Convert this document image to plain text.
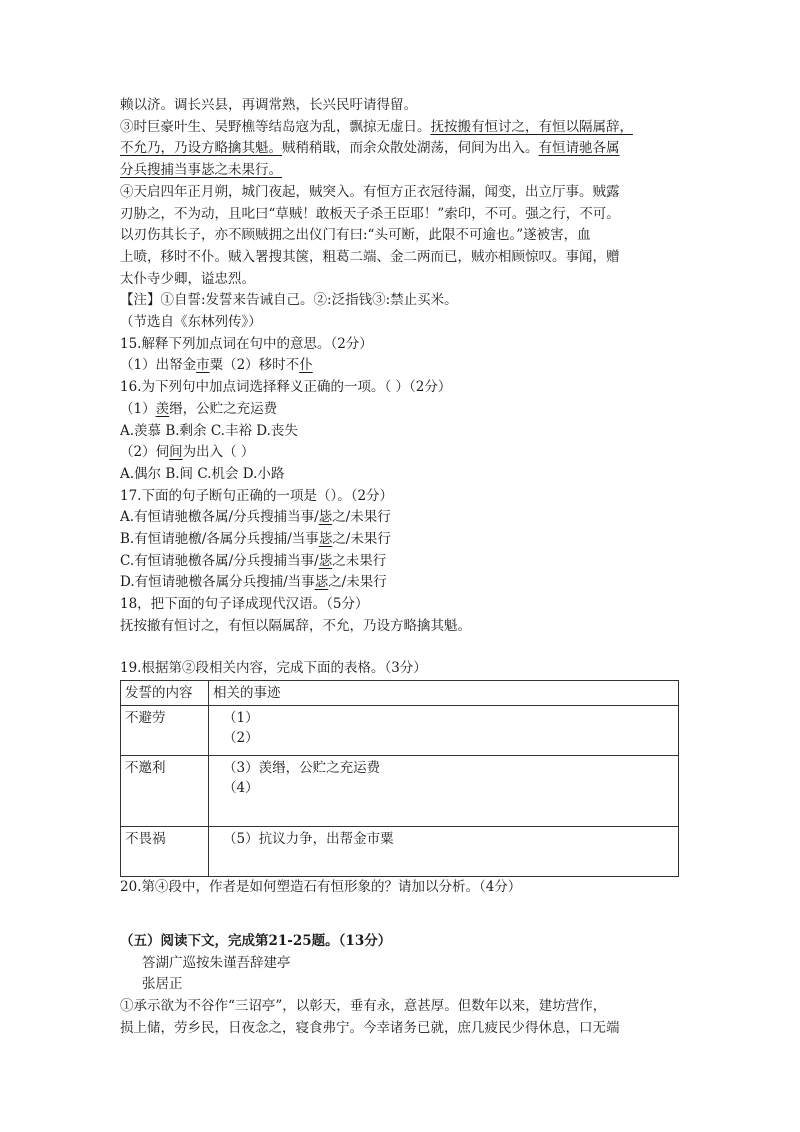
赖以济。调长兴县，再调常熟，长兴民吁请得留。
③时巨豪叶生、吴野樵等结岛寇为乱，飘掠无虚日。抚按搬有恒讨之，有恒以隔属辞，
不允乃，乃设方略擒其魁。贼稍稍戢，而余众散处湖荡，伺间为出入。有恒请驰各属
分兵搜捕当事毖之未果行。
④天启四年正月朔，城门夜起，贼突入。有恒方正衣冠待漏，闻变，出立厅事。贼露
刃胁之，不为动，且叱曰“草贼！敢板天子杀王臣耶！”索印，不可。强之行，不可。
以刃伤其长子，亦不顾贼拥之出仪门有曰:“头可断，此限不可逾也。”遂被害，血
上喷，移时不仆。贼入署搜其箧，粗葛二端、金二两而已，贼亦相顾惊叹。事闻，赠
太仆寺少卿，谥忠烈。
【注】①自誓:发誓来告诫自己。②:泛指钱③:禁止买米。
（节选自《东林列传》）
15.解释下列加点词在句中的意思。（2分）
（1）出帑金市粟（2）移时不仆
16.为下列句中加点词选择释义正确的一项。（ ）（2分）
（1）羡缗，公贮之充运费
A.羡慕 B.剩余 C.丰裕 D.丧失
（2）伺间为出入（ ）
A.偶尔 B.间 C.机会 D.小路
17.下面的句子断句正确的一项是（）。（2分）
A.有恒请驰檄各属/分兵搜捕当事/毖之/未果行
B.有恒请驰檄/各属分兵搜捕/当事毖之/未果行
C.有恒请驰檄各属/分兵搜捕当事/毖之未果行
D.有恒请驰檄各属分兵搜捕/当事毖之/未果行
18，把下面的句子译成现代汉语。（5分）
抚按撤有恒讨之，有恒以隔属辞，不允，乃设方略擒其魁。
19.根据第②段相关内容，完成下面的表格。（3分）
发誓的内容	相关的事迹
不避劳	（1）
（2）

不邀利	（3）羡缗，公贮之充运费
（4）

不畏祸	（5）抗议力争，出帮金市粟
20.第④段中，作者是如何塑造石有恒形象的？请加以分析。（4分）
（五）阅读下文，完成第21-25题。（13分）
答湖广巡按朱谨吾辞建亭
张居正
①承示欲为不谷作“三诏亭”，以彰天，垂有永，意甚厚。但数年以来，建坊营作，
损上储，劳乡民，日夜念之，寝食弗宁。今幸诸务已就，庶几疲民少得休息，口无端
